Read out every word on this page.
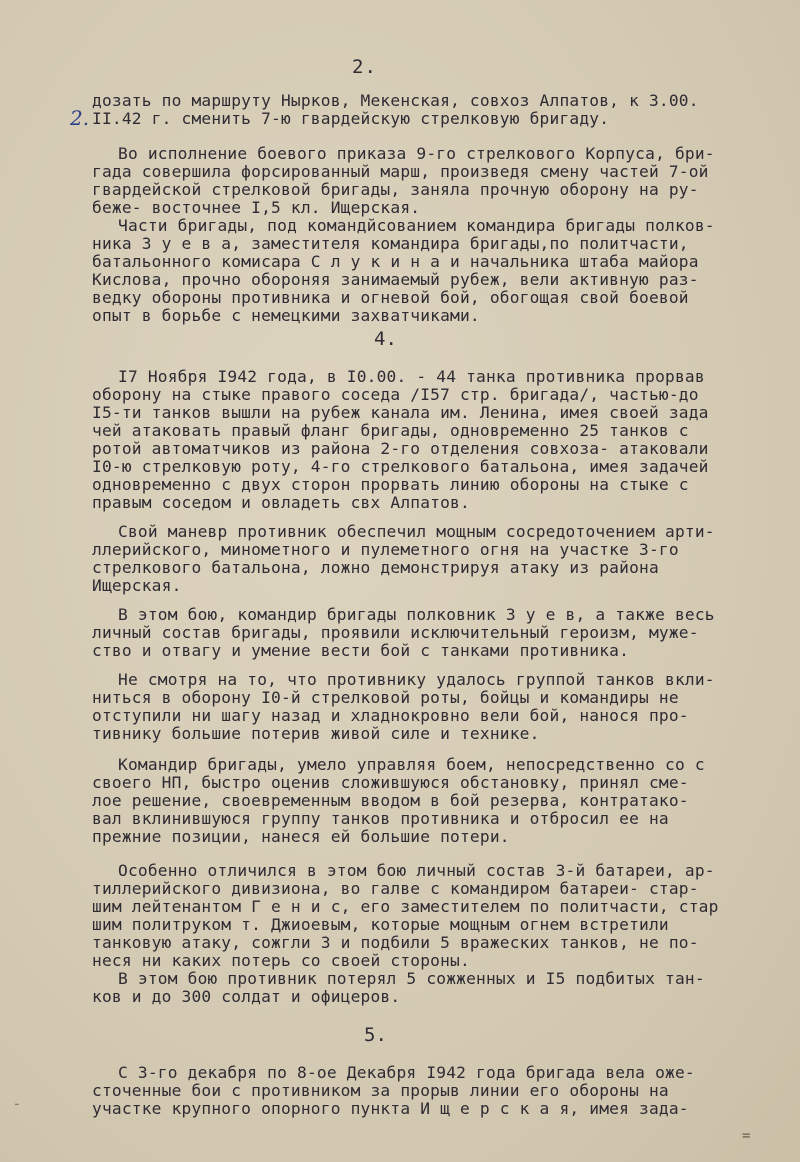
2.
2.
дозать по маршруту Нырков, Мекенская, совхоз Алпатов, к 3.00.
II.42 г. сменить 7-ю гвардейскую стрелковую бригаду.
Во исполнение боевого приказа 9-го стрелкового Корпуса, бри-
гада совершила форсированный марш, произведя смену частей 7-ой
гвардейской стрелковой бригады, заняла прочную оборону на ру-
беже- восточнее I,5 кл. Ищерская.
Части бригады, под командйсованием командира бригады полков-
ника З у е в а, заместителя командира бригады,по политчасти,
батальонного комисара С л у к и н а и начальника штаба майора
Кислова, прочно обороняя занимаемый рубеж, вели активную раз-
ведку обороны противника и огневой бой, обогощая свой боевой
опыт в борьбе с немецкими захватчиками.
4.
I7 Ноября I942 года, в I0.00. - 44 танка противника прорвав
оборону на стыке правого соседа /I57 стр. бригада/, частью-до
I5-ти танков вышли на рубеж канала им. Ленина, имея своей зада
чей атаковать правый фланг бригады, одновременно 25 танков с
ротой автоматчиков из района 2-го отделения совхоза- атаковали
I0-ю стрелковую роту, 4-го стрелкового батальона, имея задачей
одновременно с двух сторон прорвать линию обороны на стыке с
правым соседом и овладеть свх Алпатов.
Свой маневр противник обеспечил мощным сосредоточением арти-
ллерийского, минометного и пулеметного огня на участке 3-го
стрелкового батальона, ложно демонстрируя атаку из района
Ищерская.
В этом бою, командир бригады полковник З у е в, а также весь
личный состав бригады, проявили исключительный героизм, муже-
ство и отвагу и умение вести бой с танками противника.
Не смотря на то, что противнику удалось группой танков вкли-
ниться в оборону I0-й стрелковой роты, бойцы и командиры не
отступили ни шагу назад и хладнокровно вели бой, нанося про-
тивнику большие потерив живой силе и технике.
Командир бригады, умело управляя боем, непосредственно со с
своего НП, быстро оценив сложившуюся обстановку, принял сме-
лое решение, своевременным вводом в бой резерва, контратако-
вал вклинившуюся группу танков противника и отбросил ее на
прежние позиции, нанеся ей большие потери.
Особенно отличился в этом бою личный состав 3-й батареи, ар-
тиллерийского дивизиона, во галве с командиром батареи- стар-
шим лейтенантом Г е н и с, его заместителем по политчасти, стар
шим политруком т. Джиоевым, которые мощным огнем встретили
танковую атаку, сожгли 3 и подбили 5 вражеских танков, не по-
неся ни каких потерь со своей стороны.
В этом бою противник потерял 5 сожженных и I5 подбитых тан-
ков и до 300 солдат и офицеров.
5.
С 3-го декабря по 8-ое Декабря I942 года бригада вела оже-
сточенные бои с противником за прорыв линии его обороны на
участке крупного опорного пункта И щ е р с к а я, имея зада-
-
=
